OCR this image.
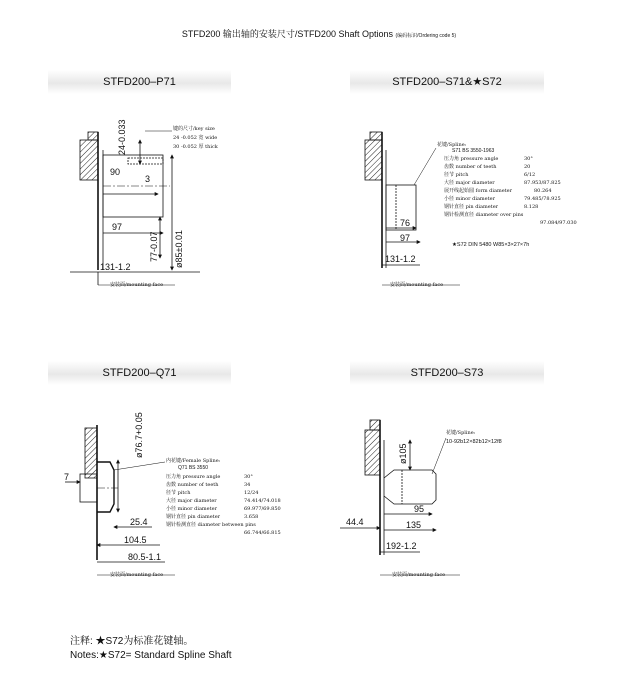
STFD200 输出轴的安装尺寸/STFD200 Shaft Options (编码标识/Ordering code 5)
STFD200–P71	STFD200–S71&★S72
STFD200–Q71	STFD200–S73
24-0.033
90
3
97
77-0.07 ø85±0.01
131-1.2
键的尺寸/key size
24 -0.052 宽 wide
30 -0.052 厚 thick
安装面/mounting face
花键/Spline:
S71 BS 3550-1963
压力角 pressure angle	30°
齿数 number of teeth	20
径节 pitch	6/12
大径 major diameter	87.953/87.825
展开线起始圆 form diameter	80.264
小径 minor diameter	79.485/78.925
钢针直径 pin diameter	8.128
钢针检测直径 diameter over pins
97.084/97.030
★S72 DIN 5480 W85×3×27×7h
76
97
131-1.2
安装面/mounting face
ø76.7+0.05
7
25.4
104.5
80.5-1.1
内花键/Female Spline:
Q71 BS 3550
压力角 pressure angle	30°
齿数 number of teeth	34
径节 pitch	12/24
大径 major diameter	74.414/74.018
小径 minor diameter	69.977/69.850
钢针直径 pin diameter	3.658
钢针检测直径 diameter between pins
66.744/66.815
安装面/mounting face
ø105
95
135
44.4
192-1.2
花键/Spline:
10-92b12×82b12×12f8
安装面/mounting face
注释: ★S72为标准花键轴。
Notes:★S72= Standard Spline Shaft
